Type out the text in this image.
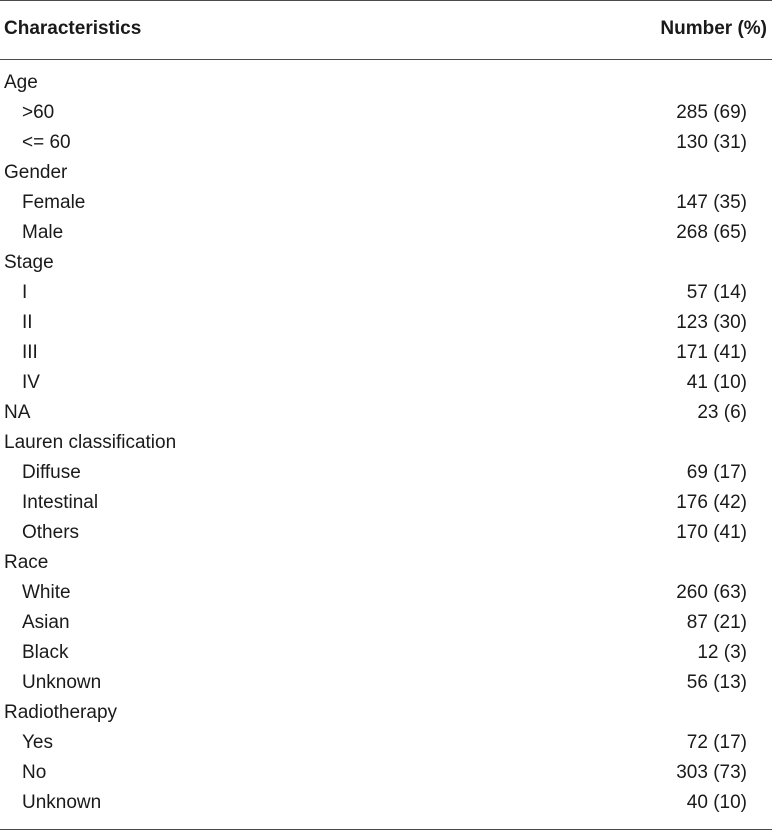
Characteristics	Number (%)
Age
>60	285 (69)
<= 60	130 (31)
Gender
Female	147 (35)
Male	268 (65)
Stage
I	57 (14)
II	123 (30)
III	171 (41)
IV	41 (10)
NA	23 (6)
Lauren classification
Diffuse	69 (17)
Intestinal	176 (42)
Others	170 (41)
Race
White	260 (63)
Asian	87 (21)
Black	12 (3)
Unknown	56 (13)
Radiotherapy
Yes	72 (17)
No	303 (73)
Unknown	40 (10)
